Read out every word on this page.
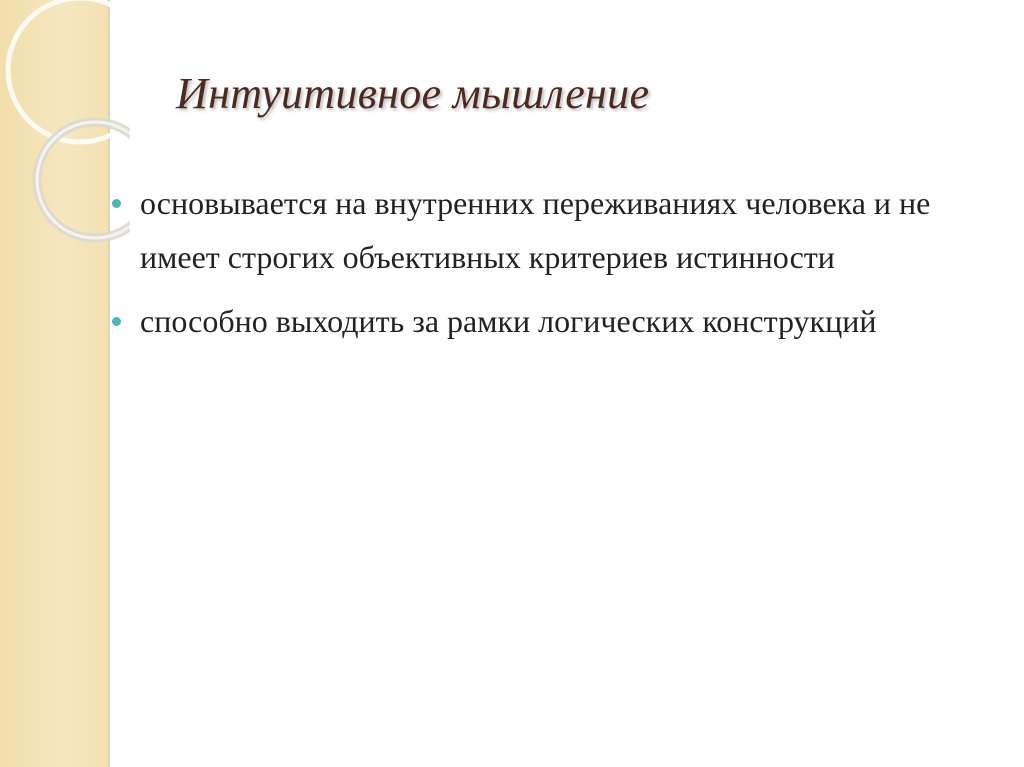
Интуитивное мышление
основывается на внутренних переживаниях человека и не имеет строгих объективных критериев истинности
способно выходить за рамки логических конструкций
